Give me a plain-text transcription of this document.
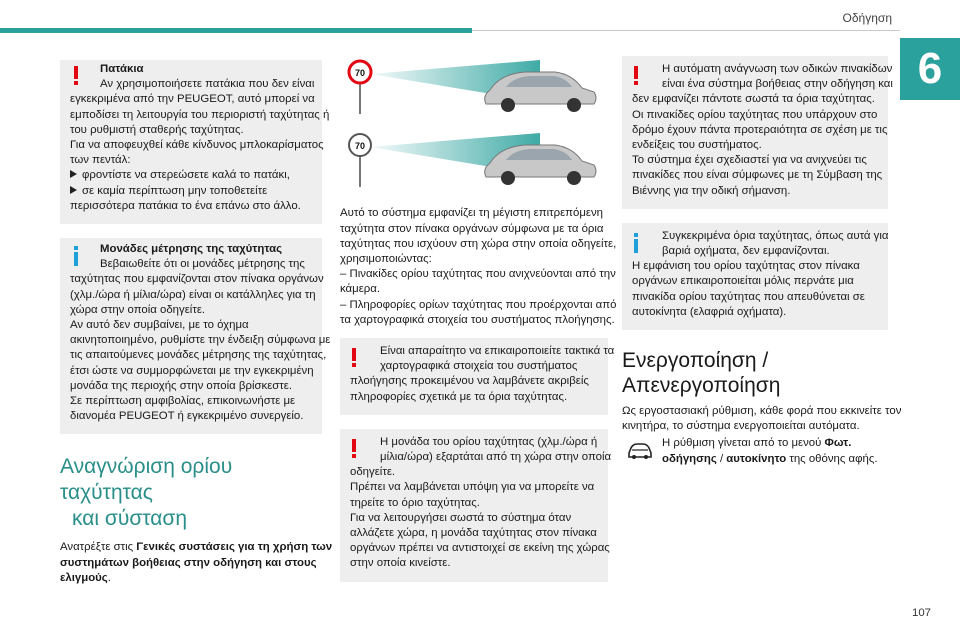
Οδήγηση
6
107
Πατάκια
Αν χρησιμοποιήσετε πατάκια που δεν είναι
εγκεκριμένα από την PEUGEOT, αυτό μπορεί να
εμποδίσει τη λειτουργία του περιοριστή ταχύτητας ή
του ρυθμιστή σταθερής ταχύτητας.
Για να αποφευχθεί κάθε κίνδυνος μπλοκαρίσματος
των πεντάλ:
φροντίστε να στερεώσετε καλά το πατάκι,
σε καμία περίπτωση μην τοποθετείτε
περισσότερα πατάκια το ένα επάνω στο άλλο.
Μονάδες μέτρησης της ταχύτητας
Βεβαιωθείτε ότι οι μονάδες μέτρησης της
ταχύτητας που εμφανίζονται στον πίνακα οργάνων
(χλμ./ώρα ή μίλια/ώρα) είναι οι κατάλληλες για τη
χώρα στην οποία οδηγείτε.
Αν αυτό δεν συμβαίνει, με το όχημα
ακινητοποιημένο, ρυθμίστε την ένδειξη σύμφωνα με
τις απαιτούμενες μονάδες μέτρησης της ταχύτητας,
έτσι ώστε να συμμορφώνεται με την εγκεκριμένη
μονάδα της περιοχής στην οποία βρίσκεστε.
Σε περίπτωση αμφιβολίας, επικοινωνήστε με
διανομέα PEUGEOT ή εγκεκριμένο συνεργείο.
Αναγνώριση ορίου ταχύτητας
και σύσταση
Ανατρέξτε στις Γενικές συστάσεις για τη χρήση των
συστημάτων βοήθειας στην οδήγηση και στους
ελιγμούς.
70

70
Αυτό το σύστημα εμφανίζει τη μέγιστη επιτρεπόμενη
ταχύτητα στον πίνακα οργάνων σύμφωνα με τα όρια
ταχύτητας που ισχύουν στη χώρα στην οποία οδηγείτε,
χρησιμοποιώντας:
– Πινακίδες ορίου ταχύτητας που ανιχνεύονται από την
κάμερα.
– Πληροφορίες ορίων ταχύτητας που προέρχονται από
τα χαρτογραφικά στοιχεία του συστήματος πλοήγησης.
Είναι απαραίτητο να επικαιροποιείτε τακτικά τα
χαρτογραφικά στοιχεία του συστήματος
πλοήγησης προκειμένου να λαμβάνετε ακριβείς
πληροφορίες σχετικά με τα όρια ταχύτητας.
Η μονάδα του ορίου ταχύτητας (χλμ./ώρα ή
μίλια/ώρα) εξαρτάται από τη χώρα στην οποία
οδηγείτε.
Πρέπει να λαμβάνεται υπόψη για να μπορείτε να
τηρείτε το όριο ταχύτητας.
Για να λειτουργήσει σωστά το σύστημα όταν
αλλάζετε χώρα, η μονάδα ταχύτητας στον πίνακα
οργάνων πρέπει να αντιστοιχεί σε εκείνη της χώρας
στην οποία κινείστε.
Η αυτόματη ανάγνωση των οδικών πινακίδων
είναι ένα σύστημα βοήθειας στην οδήγηση και
δεν εμφανίζει πάντοτε σωστά τα όρια ταχύτητας.
Οι πινακίδες ορίου ταχύτητας που υπάρχουν στο
δρόμο έχουν πάντα προτεραιότητα σε σχέση με τις
ενδείξεις του συστήματος.
Το σύστημα έχει σχεδιαστεί για να ανιχνεύει τις
πινακίδες που είναι σύμφωνες με τη Σύμβαση της
Βιέννης για την οδική σήμανση.
Συγκεκριμένα όρια ταχύτητας, όπως αυτά για
βαριά οχήματα, δεν εμφανίζονται.
Η εμφάνιση του ορίου ταχύτητας στον πίνακα
οργάνων επικαιροποιείται μόλις περνάτε μια
πινακίδα ορίου ταχύτητας που απευθύνεται σε
αυτοκίνητα (ελαφριά οχήματα).
Ενεργοποίηση /
Απενεργοποίηση
Ως εργοστασιακή ρύθμιση, κάθε φορά που εκκινείτε τον
κινητήρα, το σύστημα ενεργοποιείται αυτόματα.
Η ρύθμιση γίνεται από το μενού Φωτ.
οδήγησης / αυτοκίνητο της οθόνης αφής.
